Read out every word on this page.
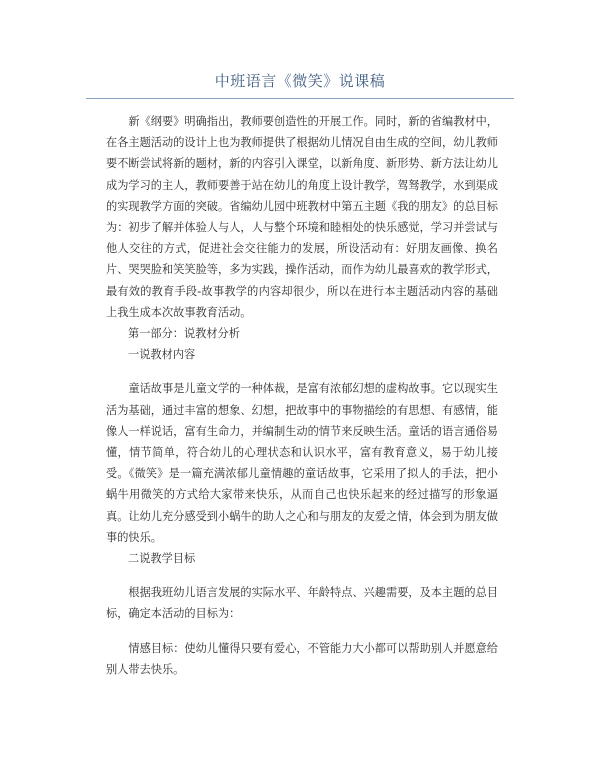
中班语言《微笑》说课稿

新《纲要》明确指出，教师要创造性的开展工作。同时，新的省编教材中，在各主题活动的设计上也为教师提供了根据幼儿情况自由生成的空间，幼儿教师要不断尝试将新的题材，新的内容引入课堂，以新角度、新形势、新方法让幼儿成为学习的主人，教师要善于站在幼儿的角度上设计教学，驾驽教学，水到渠成的实现教学方面的突破。省编幼儿园中班教材中第五主题《我的朋友》的总目标为：初步了解并体验人与人，人与整个环境和睦相处的快乐感觉，学习并尝试与他人交往的方式，促进社会交往能力的发展，所设活动有：好朋友画像、换名片、哭哭脸和笑笑脸等，多为实践，操作活动，而作为幼儿最喜欢的教学形式，最有效的教育手段-故事教学的内容却很少，所以在进行本主题活动内容的基础上我生成本次故事教育活动。

第一部分：说教材分析

一说教材内容

童话故事是儿童文学的一种体裁，是富有浓郁幻想的虚构故事。它以现实生活为基础，通过丰富的想象、幻想，把故事中的事物描绘的有思想、有感情，能像人一样说话，富有生命力，并编制生动的情节来反映生活。童话的语言通俗易懂，情节简单，符合幼儿的心理状态和认识水平，富有教育意义，易于幼儿接受。《微笑》是一篇充满浓郁儿童情趣的童话故事，它采用了拟人的手法，把小蜗牛用微笑的方式给大家带来快乐，从而自己也快乐起来的经过描写的形象逼真。让幼儿充分感受到小蜗牛的助人之心和与朋友的友爱之情，体会到为朋友做事的快乐。

二说教学目标

根据我班幼儿语言发展的实际水平、年龄特点、兴趣需要，及本主题的总目标，确定本活动的目标为：

情感目标：使幼儿懂得只要有爱心，不管能力大小都可以帮助别人并愿意给别人带去快乐。
